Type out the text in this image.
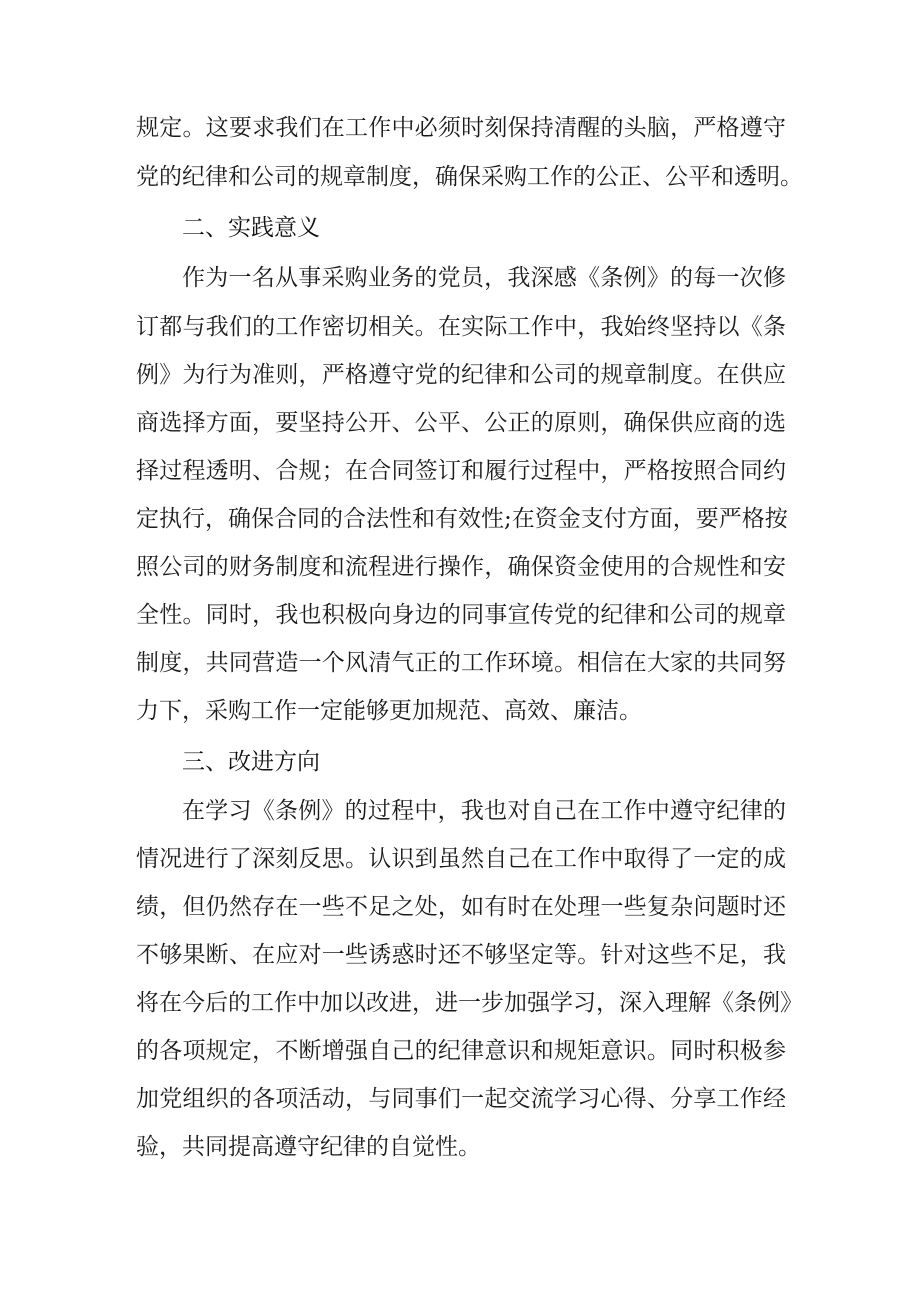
规定。这要求我们在工作中必须时刻保持清醒的头脑，严格遵守
党的纪律和公司的规章制度，确保采购工作的公正、公平和透明。
二、实践意义
作为一名从事采购业务的党员，我深感《条例》的每一次修
订都与我们的工作密切相关。在实际工作中，我始终坚持以《条
例》为行为准则，严格遵守党的纪律和公司的规章制度。在供应
商选择方面，要坚持公开、公平、公正的原则，确保供应商的选
择过程透明、合规；在合同签订和履行过程中，严格按照合同约
定执行，确保合同的合法性和有效性;在资金支付方面，要严格按
照公司的财务制度和流程进行操作，确保资金使用的合规性和安
全性。同时，我也积极向身边的同事宣传党的纪律和公司的规章
制度，共同营造一个风清气正的工作环境。相信在大家的共同努
力下，采购工作一定能够更加规范、高效、廉洁。
三、改进方向
在学习《条例》的过程中，我也对自己在工作中遵守纪律的
情况进行了深刻反思。认识到虽然自己在工作中取得了一定的成
绩，但仍然存在一些不足之处，如有时在处理一些复杂问题时还
不够果断、在应对一些诱惑时还不够坚定等。针对这些不足，我
将在今后的工作中加以改进，进一步加强学习，深入理解《条例》
的各项规定，不断增强自己的纪律意识和规矩意识。同时积极参
加党组织的各项活动，与同事们一起交流学习心得、分享工作经
验，共同提高遵守纪律的自觉性。
